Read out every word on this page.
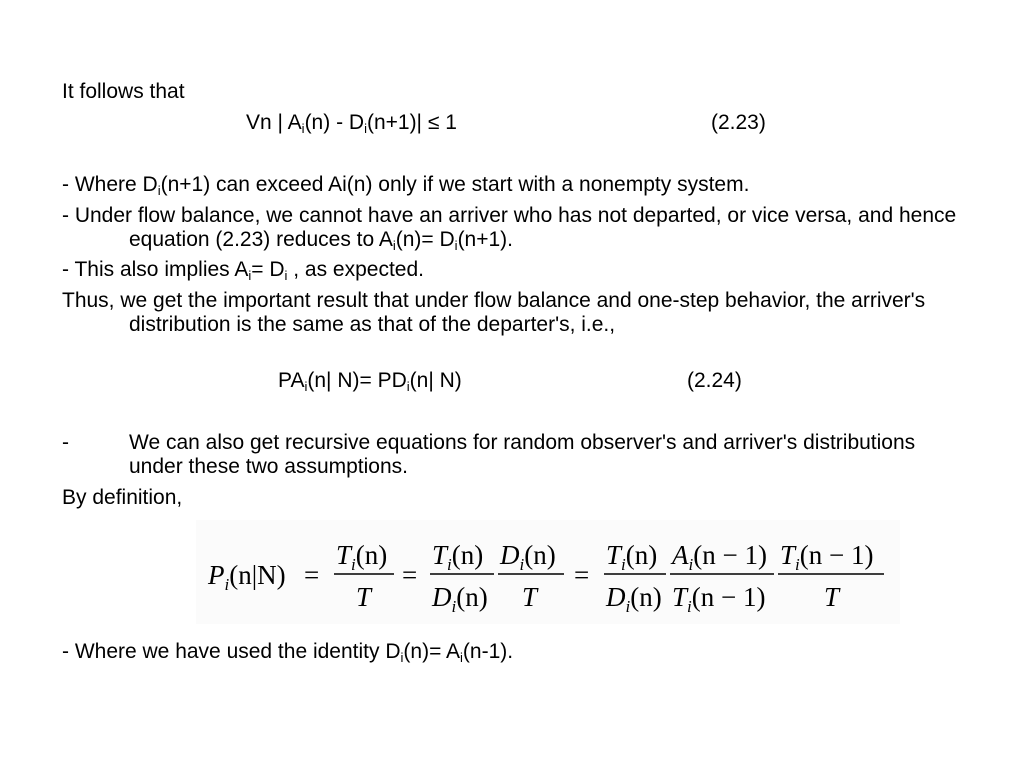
It follows that
Vn | $A_i(n) - D_i(n+1)| \le 1$	(2.23)
- Where $D_i(n+1)$ can exceed Ai(n) only if we start with a nonempty system.
- Under flow balance, we cannot have an arriver who has not departed, or vice versa, and hence equation (2.23) reduces to $A_i(n)= D_i(n+1)$.
- This also implies $A_i= D_i$ , as expected.
Thus, we get the important result that under flow balance and one-step behavior, the arriver's distribution is the same as that of the departer's, i.e.,
$PA_i(n|$ $N)= PD_i(n|$ N)	(2.24)
-	We can also get recursive equations for random observer's and arriver's distributions under these two assumptions.
By definition,
$P_i(n|N)$ =
$T_i(n)$
T
=
$T_i(n)$
$D_i(n)$
$D_i(n)$
T
=
$T_i(n)$
$D_i(n)$
$A_i(n - 1)$
$T_i(n - 1)$
$T_i(n - 1)$
T
- Where we have used the identity $D_i(n)= A_i(n-1)$.
